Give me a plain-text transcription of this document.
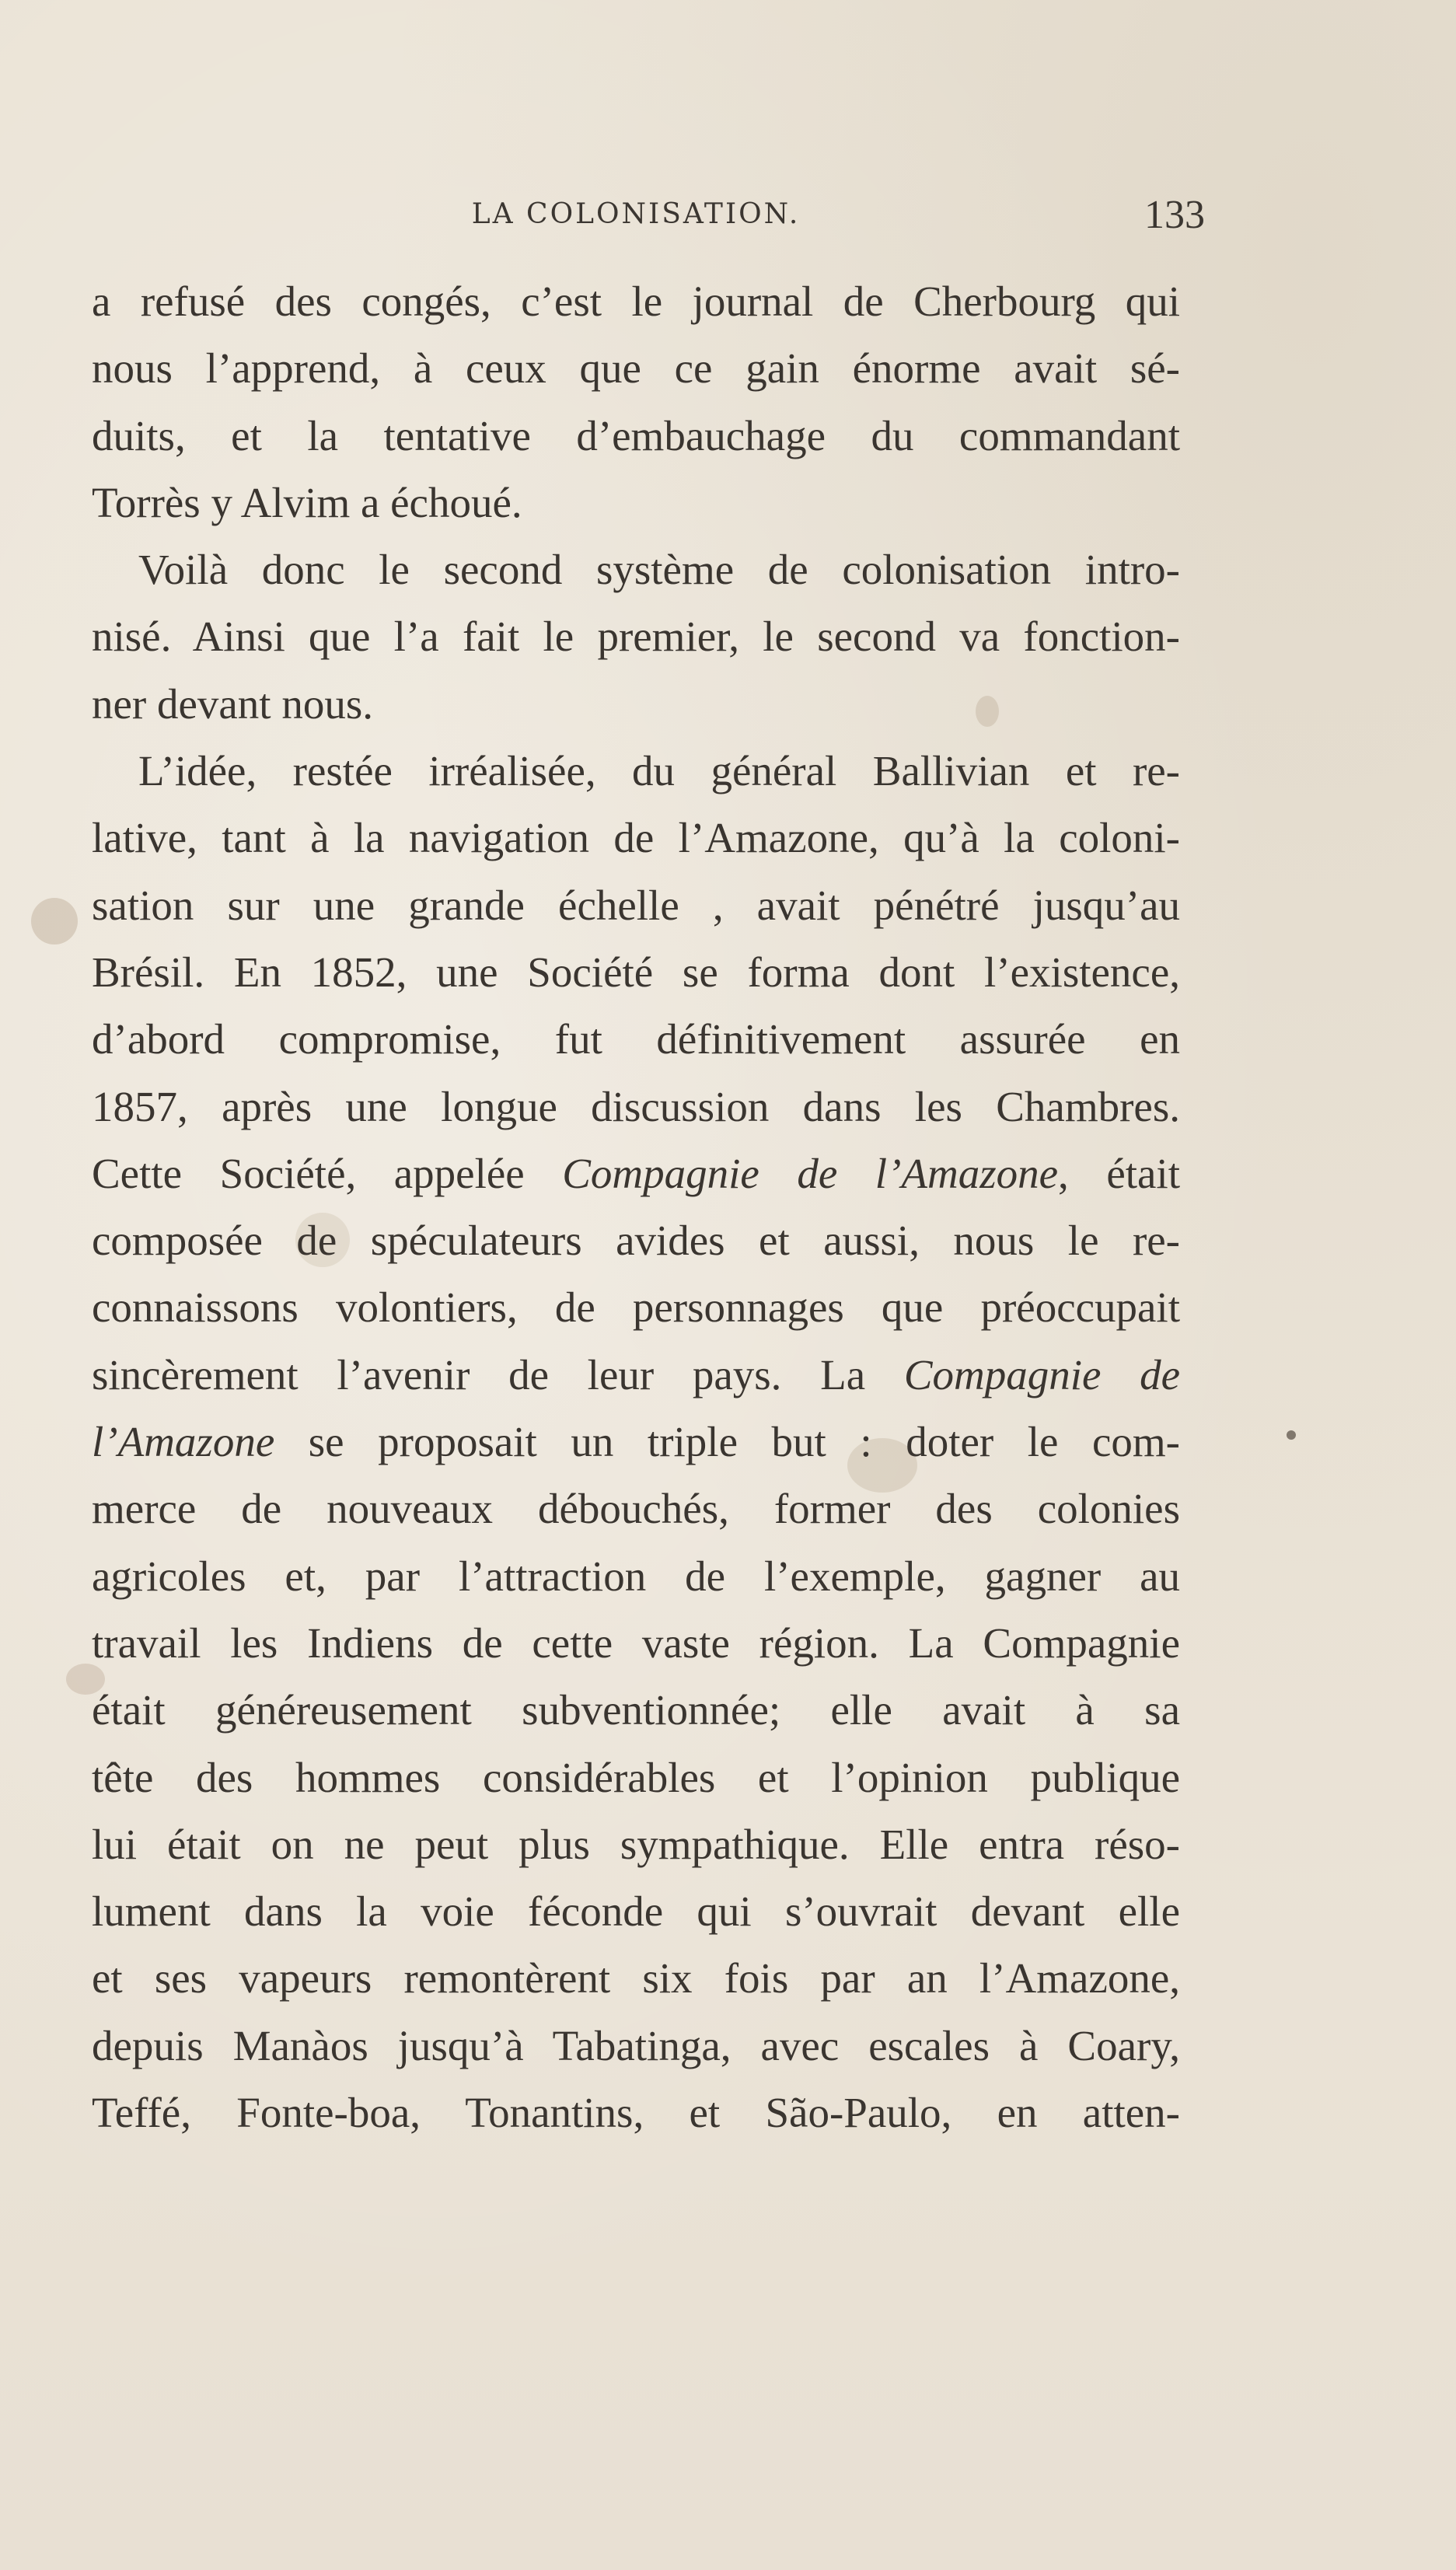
LA COLONISATION.	133
a refusé des congés, c’est le journal de Cherbourg qui
nous l’apprend, à ceux que ce gain énorme avait sé-
duits, et la tentative d’embauchage du commandant
Torrès y Alvim a échoué.
Voilà donc le second système de colonisation intro-
nisé. Ainsi que l’a fait le premier, le second va fonction-
ner devant nous.
L’idée, restée irréalisée, du général Ballivian et re-
lative, tant à la navigation de l’Amazone, qu’à la coloni-
sation sur une grande échelle , avait pénétré jusqu’au
Brésil. En 1852, une Société se forma dont l’existence,
d’abord compromise, fut définitivement assurée en
1857, après une longue discussion dans les Chambres.
Cette Société, appelée Compagnie de l’Amazone, était
composée de spéculateurs avides et aussi, nous le re-
connaissons volontiers, de personnages que préoccupait
sincèrement l’avenir de leur pays. La Compagnie de
l’Amazone se proposait un triple but : doter le com-
merce de nouveaux débouchés, former des colonies
agricoles et, par l’attraction de l’exemple, gagner au
travail les Indiens de cette vaste région. La Compagnie
était généreusement subventionnée; elle avait à sa
tête des hommes considérables et l’opinion publique
lui était on ne peut plus sympathique. Elle entra réso-
lument dans la voie féconde qui s’ouvrait devant elle
et ses vapeurs remontèrent six fois par an l’Amazone,
depuis Manàos jusqu’à Tabatinga, avec escales à Coary,
Teffé, Fonte-boa, Tonantins, et São-Paulo, en atten-
